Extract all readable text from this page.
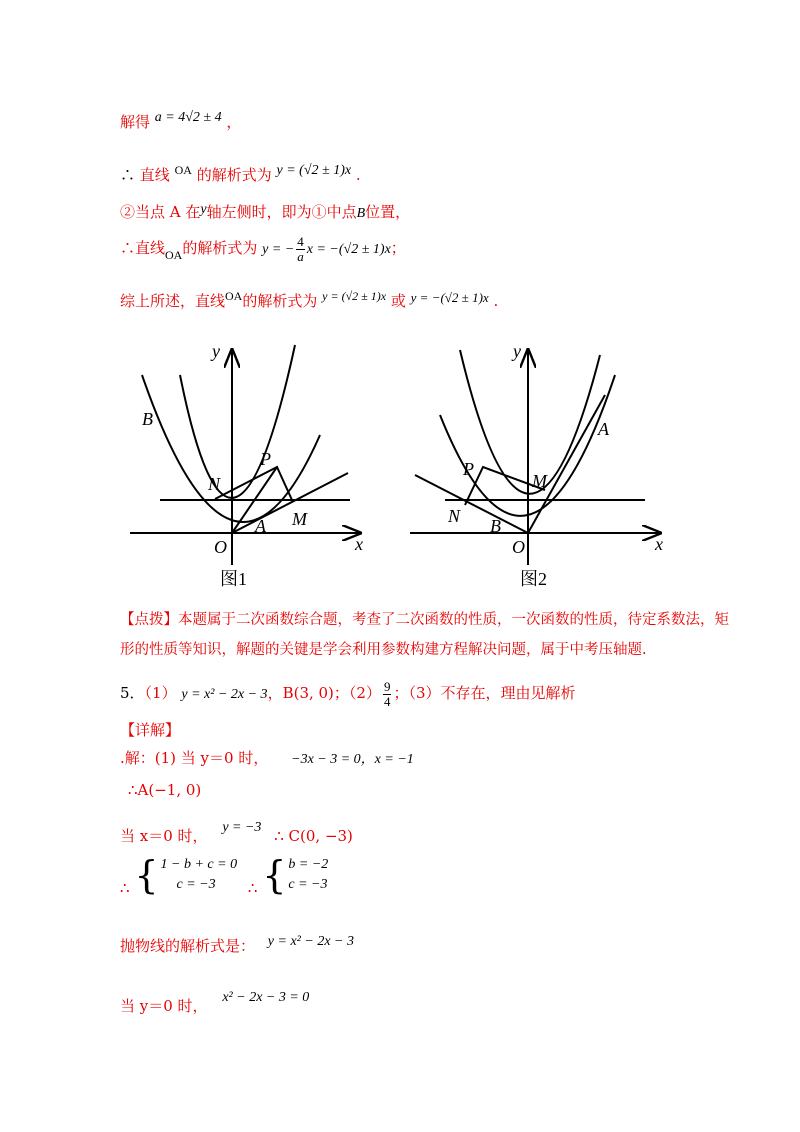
解得 a = 4√2 ± 4 ，
∴ 直线 $^{OA}$ 的解析式为 y = (√2 ± 1)x .
②当点 A 在y轴左侧时，即为①中点B位置，
∴直线$_{OA}$的解析式为 y = − $\frac{4}{a}$ x = −(√2 ± 1)x；
综上所述，直线$^{OA}$的解析式为 $^{y = (√2 \pm 1)x}$ 或 y = −(√2 ± 1)x .
B
N
P
M
A
O	x
y
图1
A
P
M
N B
O	x
y
图2
【点拨】本题属于二次函数综合题，考查了二次函数的性质，一次函数的性质，待定系数法，矩
形的性质等知识，解题的关键是学会利用参数构建方程解决问题，属于中考压轴题.
5．（1） y = x² − 2x − 3，B(3, 0)；$(2) \frac{9}{4}$ ；（3）不存在，理由见解析
【详解】
.解：(1) 当 y＝0 时， −3x − 3 = 0，x = −1
∴A(−1, 0)
当 x＝0 时， y = −3 ∴ C(0, −3)
∴ { 1 − b + c = 0
c = −3	∴ { b = −2
c = −3
抛物线的解析式是： y = x² − 2x − 3
当 y＝0 时， x² − 2x − 3 = 0
